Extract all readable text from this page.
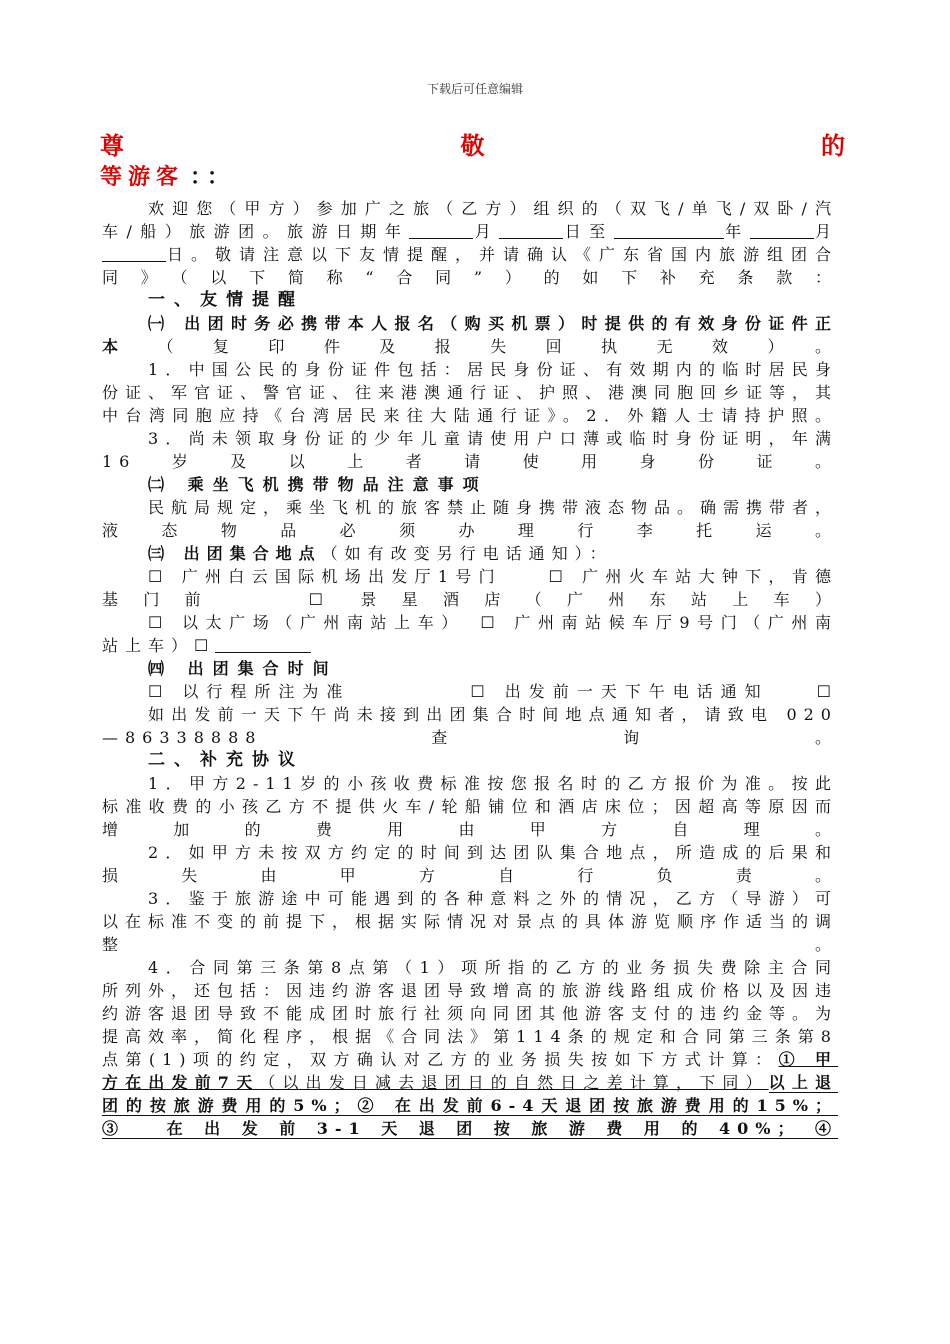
下载后可任意编辑
尊	敬	的
等游客 ：：

欢迎您（甲方）参加广之旅（乙方）组织的（双飞/单飞/双卧/汽车/船）旅游团。旅游日期年	月	日至	年	月日。敬请注意以下友情提醒，并请确认《广东省国内旅游组团合同》（以下简称“合同”）的如下补充条款：

一、友情提醒

㈠ 出团时务必携带本人报名（购买机票）时提供的有效身份证件正本（复印件及报失回执无效）。

1．中国公民的身份证件包括：居民身份证、有效期内的临时居民身份证、军官证、警官证、往来港澳通行证、护照、港澳同胞回乡证等，其中台湾同胞应持《台湾居民来往大陆通行证》。2．外籍人士请持护照。

3．尚未领取身份证的少年儿童请使用户口薄或临时身份证明，年满16岁及以上者请使用身份证。

㈡ 乘坐飞机携带物品注意事项

民航局规定，乘坐飞机的旅客禁止随身携带液态物品。确需携带者，液态物品必须办理行李托运。

㈢ 出团集合地点（如有改变另行电话通知）：

☐ 广州白云国际机场出发厅1号门　　☐ 广州火车站大钟下，肯德基门前　　☐ 景星酒店（广州东站上车）

☐ 以太广场（广州南站上车）　☐ 广州南站候车厅9号门（广州南站上车）☐

㈣ 出团集合时间

☐ 以行程所注为准　　　　　☐ 出发前一天下午电话通知　　☐

如出发前一天下午尚未接到出团集合时间地点通知者，请致电 020—86338888查询。

二、补充协议

1．甲方2-11岁的小孩收费标准按您报名时的乙方报价为准。按此标准收费的小孩乙方不提供火车/轮船铺位和酒店床位；因超高等原因而增加的费用由甲方自理。

2．如甲方未按双方约定的时间到达团队集合地点，所造成的后果和损失由甲方自行负责。

3．鉴于旅游途中可能遇到的各种意料之外的情况，乙方（导游）可以在标准不变的前提下，根据实际情况对景点的具体游览顺序作适当的调整。

4．合同第三条第8点第（1）项所指的乙方的业务损失费除主合同所列外，还包括：因违约游客退团导致增高的旅游线路组成价格以及因违约游客退团导致不能成团时旅行社须向同团其他游客支付的违约金等。为提高效率，简化程序，根据《合同法》第114条的规定和合同第三条第8点第(1)项的约定，双方确认对乙方的业务损失按如下方式计算：① 甲方在出发前7天（以出发日减去退团日的自然日之差计算，下同）以上退团的按旅游费用的5%；② 在出发前6-4天退团按旅游费用的15%；③ 在出发前3-1天退团按旅游费用的40%；④
